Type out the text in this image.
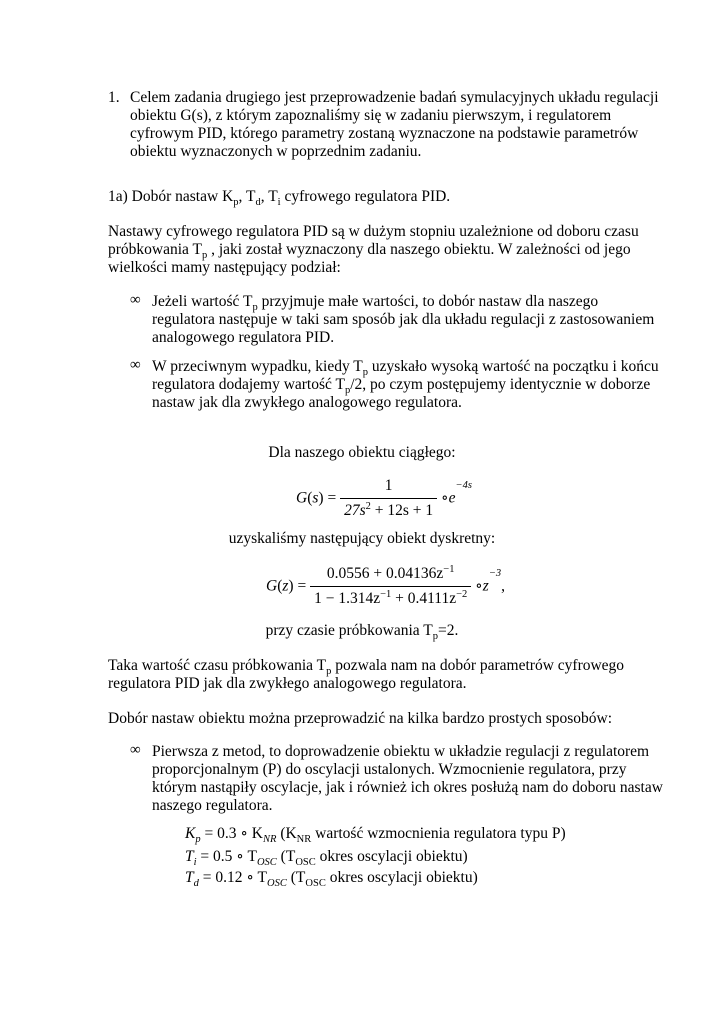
1. Celem zadania drugiego jest przeprowadzenie badań symulacyjnych układu regulacji
obiektu G(s), z którym zapoznaliśmy się w zadaniu pierwszym, i regulatorem
cyfrowym PID, którego parametry zostaną wyznaczone na podstawie parametrów
obiektu wyznaczonych w poprzednim zadaniu.
1a) Dobór nastaw $K_p$, $T_d$, $T_i$ cyfrowego regulatora PID.
Nastawy cyfrowego regulatora PID są w dużym stopniu uzależnione od doboru czasu
próbkowania $T_p$ , jaki został wyznaczony dla naszego obiektu. W zależności od jego
wielkości mamy następujący podział:
∞ Jeżeli wartość $T_p$ przyjmuje małe wartości, to dobór nastaw dla naszego
regulatora następuje w taki sam sposób jak dla układu regulacji z zastosowaniem
analogowego regulatora PID.
∞ W przeciwnym wypadku, kiedy $T_p$ uzyskało wysoką wartość na początku i końcu
regulatora dodajemy wartość $T_p/2$, po czym postępujemy identycznie w doborze
nastaw jak dla zwykłego analogowego regulatora.
Dla naszego obiektu ciągłego:
$G(s) = \frac{1}{27s^2 + 12s + 1}$ $\circ e^{-4s}$
uzyskaliśmy następujący obiekt dyskretny:
$G(z) = \frac{0.0556 + 0.04136z^{-1}}{1 - 1.314z^{-1} + 0.4111z^{-2}}$ $\circ z^{-3}$,
przy czasie próbkowania $T_p=2$.
Taka wartość czasu próbkowania $T_p$ pozwala nam na dobór parametrów cyfrowego
regulatora PID jak dla zwykłego analogowego regulatora.
Dobór nastaw obiektu można przeprowadzić na kilka bardzo prostych sposobów:
∞ Pierwsza z metod, to doprowadzenie obiektu w układzie regulacji z regulatorem
proporcjonalnym (P) do oscylacji ustalonych. Wzmocnienie regulatora, przy
którym nastąpiły oscylacje, jak i również ich okres posłużą nam do doboru nastaw
naszego regulatora.
$K_p = 0.3$ ∘ $K_{NR}$ ($K_{NR}$ wartość wzmocnienia regulatora typu P)
$T_i = 0.5$ ∘ $T_{OSC}$ ($T_{OSC}$ okres oscylacji obiektu)
$T_d = 0.12$ ∘ $T_{OSC}$ ($T_{OSC}$ okres oscylacji obiektu)
